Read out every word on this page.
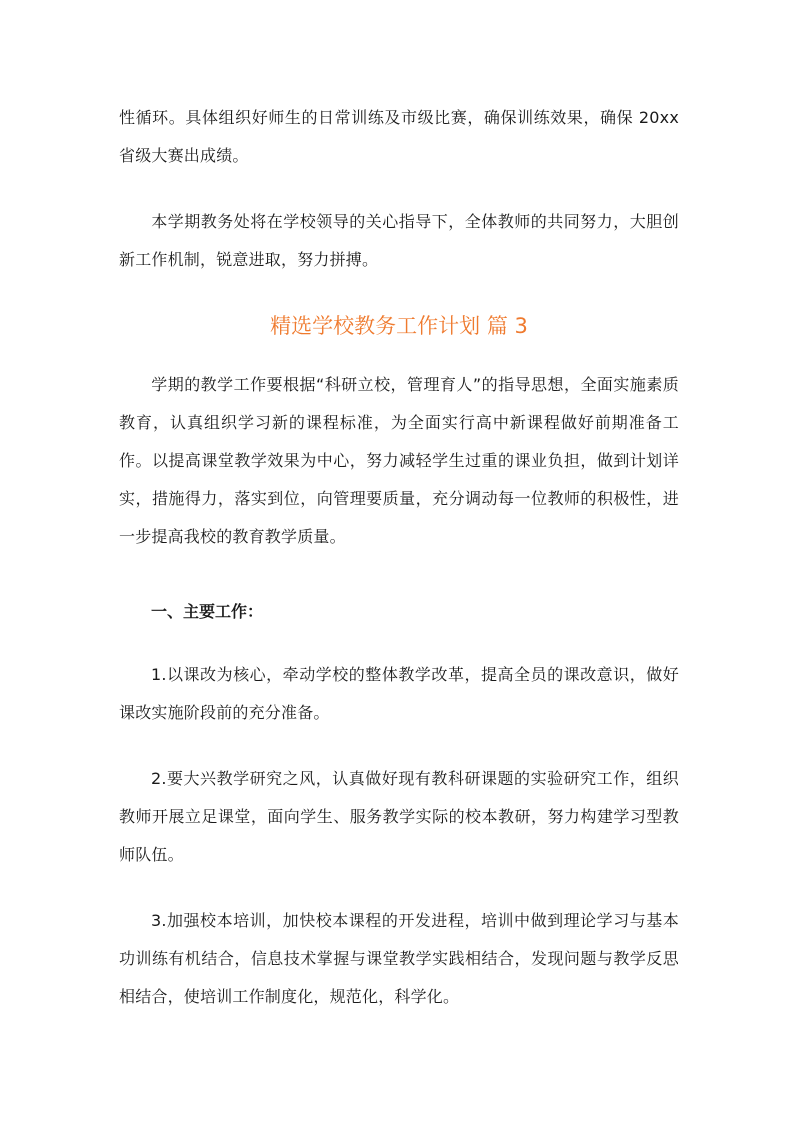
性循环。具体组织好师生的日常训练及市级比赛，确保训练效果，确保 20xx 省级大赛出成绩。

本学期教务处将在学校领导的关心指导下，全体教师的共同努力，大胆创新工作机制，锐意进取，努力拼搏。

精选学校教务工作计划 篇 3

学期的教学工作要根据“科研立校，管理育人”的指导思想，全面实施素质教育，认真组织学习新的课程标准，为全面实行高中新课程做好前期准备工作。以提高课堂教学效果为中心，努力减轻学生过重的课业负担，做到计划详实，措施得力，落实到位，向管理要质量，充分调动每一位教师的积极性，进一步提高我校的教育教学质量。

一、主要工作：

1.以课改为核心，牵动学校的整体教学改革，提高全员的课改意识，做好课改实施阶段前的充分准备。

2.要大兴教学研究之风，认真做好现有教科研课题的实验研究工作，组织教师开展立足课堂，面向学生、服务教学实际的校本教研，努力构建学习型教师队伍。

3.加强校本培训，加快校本课程的开发进程，培训中做到理论学习与基本功训练有机结合，信息技术掌握与课堂教学实践相结合，发现问题与教学反思相结合，使培训工作制度化，规范化，科学化。
